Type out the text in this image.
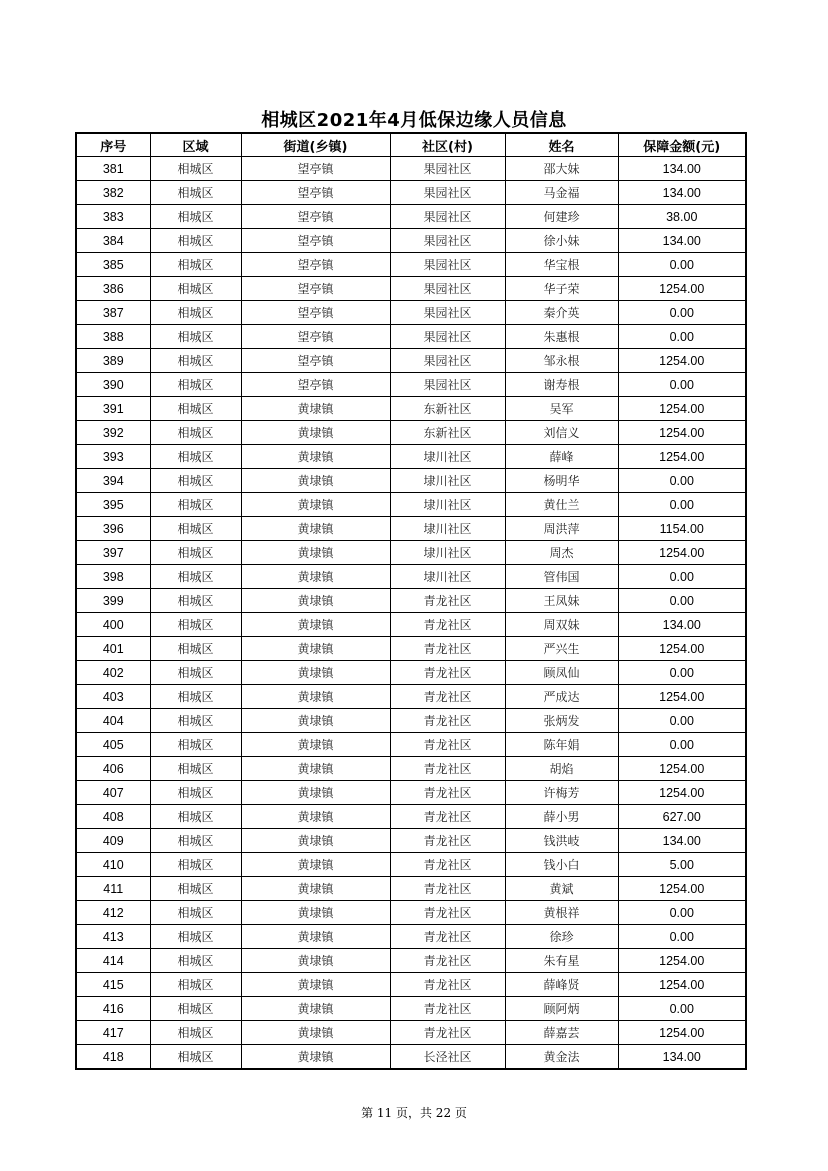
相城区2021年4月低保边缘人员信息
序号	区域	街道(乡镇)	社区(村)	姓名	保障金额(元)
381	相城区	望亭镇	果园社区	邵大妹	134.00
382	相城区	望亭镇	果园社区	马金福	134.00
383	相城区	望亭镇	果园社区	何建珍	38.00
384	相城区	望亭镇	果园社区	徐小妹	134.00
385	相城区	望亭镇	果园社区	华宝根	0.00
386	相城区	望亭镇	果园社区	华子荣	1254.00
387	相城区	望亭镇	果园社区	秦介英	0.00
388	相城区	望亭镇	果园社区	朱惠根	0.00
389	相城区	望亭镇	果园社区	邹永根	1254.00
390	相城区	望亭镇	果园社区	谢寿根	0.00
391	相城区	黄埭镇	东新社区	吴军	1254.00
392	相城区	黄埭镇	东新社区	刘信义	1254.00
393	相城区	黄埭镇	埭川社区	薛峰	1254.00
394	相城区	黄埭镇	埭川社区	杨明华	0.00
395	相城区	黄埭镇	埭川社区	黄仕兰	0.00
396	相城区	黄埭镇	埭川社区	周洪萍	1154.00
397	相城区	黄埭镇	埭川社区	周杰	1254.00
398	相城区	黄埭镇	埭川社区	管伟国	0.00
399	相城区	黄埭镇	青龙社区	王凤妹	0.00
400	相城区	黄埭镇	青龙社区	周双妹	134.00
401	相城区	黄埭镇	青龙社区	严兴生	1254.00
402	相城区	黄埭镇	青龙社区	顾凤仙	0.00
403	相城区	黄埭镇	青龙社区	严成达	1254.00
404	相城区	黄埭镇	青龙社区	张炳发	0.00
405	相城区	黄埭镇	青龙社区	陈年娟	0.00
406	相城区	黄埭镇	青龙社区	胡焰	1254.00
407	相城区	黄埭镇	青龙社区	许梅芳	1254.00
408	相城区	黄埭镇	青龙社区	薛小男	627.00
409	相城区	黄埭镇	青龙社区	钱洪岐	134.00
410	相城区	黄埭镇	青龙社区	钱小白	5.00
411	相城区	黄埭镇	青龙社区	黄斌	1254.00
412	相城区	黄埭镇	青龙社区	黄根祥	0.00
413	相城区	黄埭镇	青龙社区	徐珍	0.00
414	相城区	黄埭镇	青龙社区	朱有星	1254.00
415	相城区	黄埭镇	青龙社区	薛峰贤	1254.00
416	相城区	黄埭镇	青龙社区	顾阿炳	0.00
417	相城区	黄埭镇	青龙社区	薛嘉芸	1254.00
418	相城区	黄埭镇	长泾社区	黄金法	134.00
第 11 页，共 22 页
